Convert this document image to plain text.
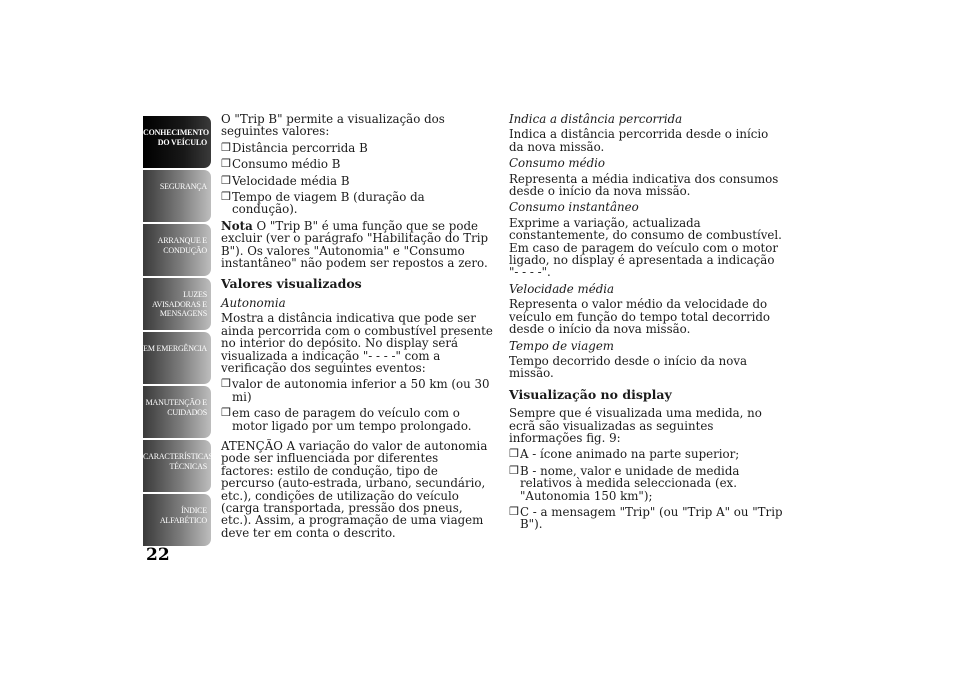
CONHECIMENTO
DO VEÍCULO
SEGURANÇA
ARRANQUE E
CONDUÇÃO
LUZES
AVISADORAS E
MENSAGENS
EM EMERGÊNCIA
MANUTENÇÃO E
CUIDADOS
CARACTERÍSTICAS
TÉCNICAS
ÍNDICE
ALFABÉTICO
22

O "Trip B" permite a visualização dos seguintes valores:

❒ Distância percorrida B
❒ Consumo médio B
❒ Velocidade média B
❒ Tempo de viagem B (duração da condução).

Nota O "Trip B" é uma função que se pode excluir (ver o parágrafo "Habilitação do Trip B"). Os valores "Autonomia" e "Consumo instantâneo" não podem ser repostos a zero.

Valores visualizados
Autonomia

Mostra a distância indicativa que pode ser ainda percorrida com o combustível presente no interior do depósito. No display será visualizada a indicação "- - - -" com a verificação dos seguintes eventos:

❒ valor de autonomia inferior a 50 km (ou 30 mi)
❒ em caso de paragem do veículo com o motor ligado por um tempo prolongado.

ATENÇÃO A variação do valor de autonomia pode ser influenciada por diferentes factores: estilo de condução, tipo de percurso (auto-estrada, urbano, secundário, etc.), condições de utilização do veículo (carga transportada, pressão dos pneus, etc.). Assim, a programação de uma viagem deve ter em conta o descrito.

Indica a distância percorrida

Indica a distância percorrida desde o início da nova missão.

Consumo médio

Representa a média indicativa dos consumos desde o início da nova missão.

Consumo instantâneo

Exprime a variação, actualizada constantemente, do consumo de combustível. Em caso de paragem do veículo com o motor ligado, no display é apresentada a indicação "- - - -".

Velocidade média

Representa o valor médio da velocidade do veículo em função do tempo total decorrido desde o início da nova missão.

Tempo de viagem

Tempo decorrido desde o início da nova missão.

Visualização no display

Sempre que é visualizada uma medida, no ecrã são visualizadas as seguintes informações fig. 9:

❒ A - ícone animado na parte superior;
❒ B - nome, valor e unidade de medida relativos à medida seleccionada (ex. "Autonomia 150 km");
❒ C - a mensagem "Trip" (ou "Trip A" ou "Trip B").
